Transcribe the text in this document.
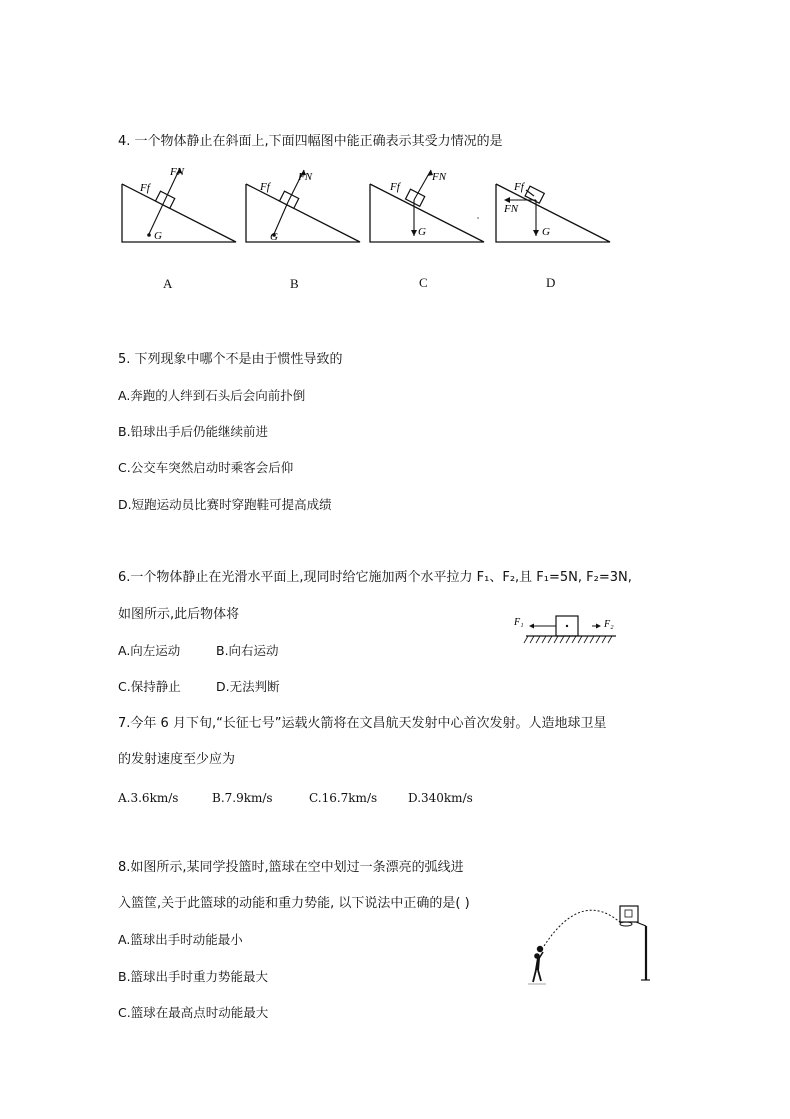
4. 一个物体静止在斜面上,下面四幅图中能正确表示其受力情况的是
Ff
FN
G
Ff
FN
G
Ff
FN
G
Ff
FN
G
A	B	C	D
5. 下列现象中哪个不是由于惯性导致的
A.奔跑的人绊到石头后会向前扑倒
B.铅球出手后仍能继续前进
C.公交车突然启动时乘客会后仰
D.短跑运动员比赛时穿跑鞋可提高成绩
6.一个物体静止在光滑水平面上,现同时给它施加两个水平拉力 F₁、F₂,且 F₁=5N, F₂=3N,
如图所示,此后物体将
F₁	F₂
A.向左运动	B.向右运动
C.保持静止	D.无法判断
7.今年 6 月下旬,“长征七号”运载火箭将在文昌航天发射中心首次发射。人造地球卫星
的发射速度至少应为
A.3.6km/s	B.7.9km/s	C.16.7km/s	D.340km/s
8.如图所示,某同学投篮时,篮球在空中划过一条漂亮的弧线进
入篮筐,关于此篮球的动能和重力势能, 以下说法中正确的是( )
A.篮球出手时动能最小
B.篮球出手时重力势能最大
C.篮球在最高点时动能最大
